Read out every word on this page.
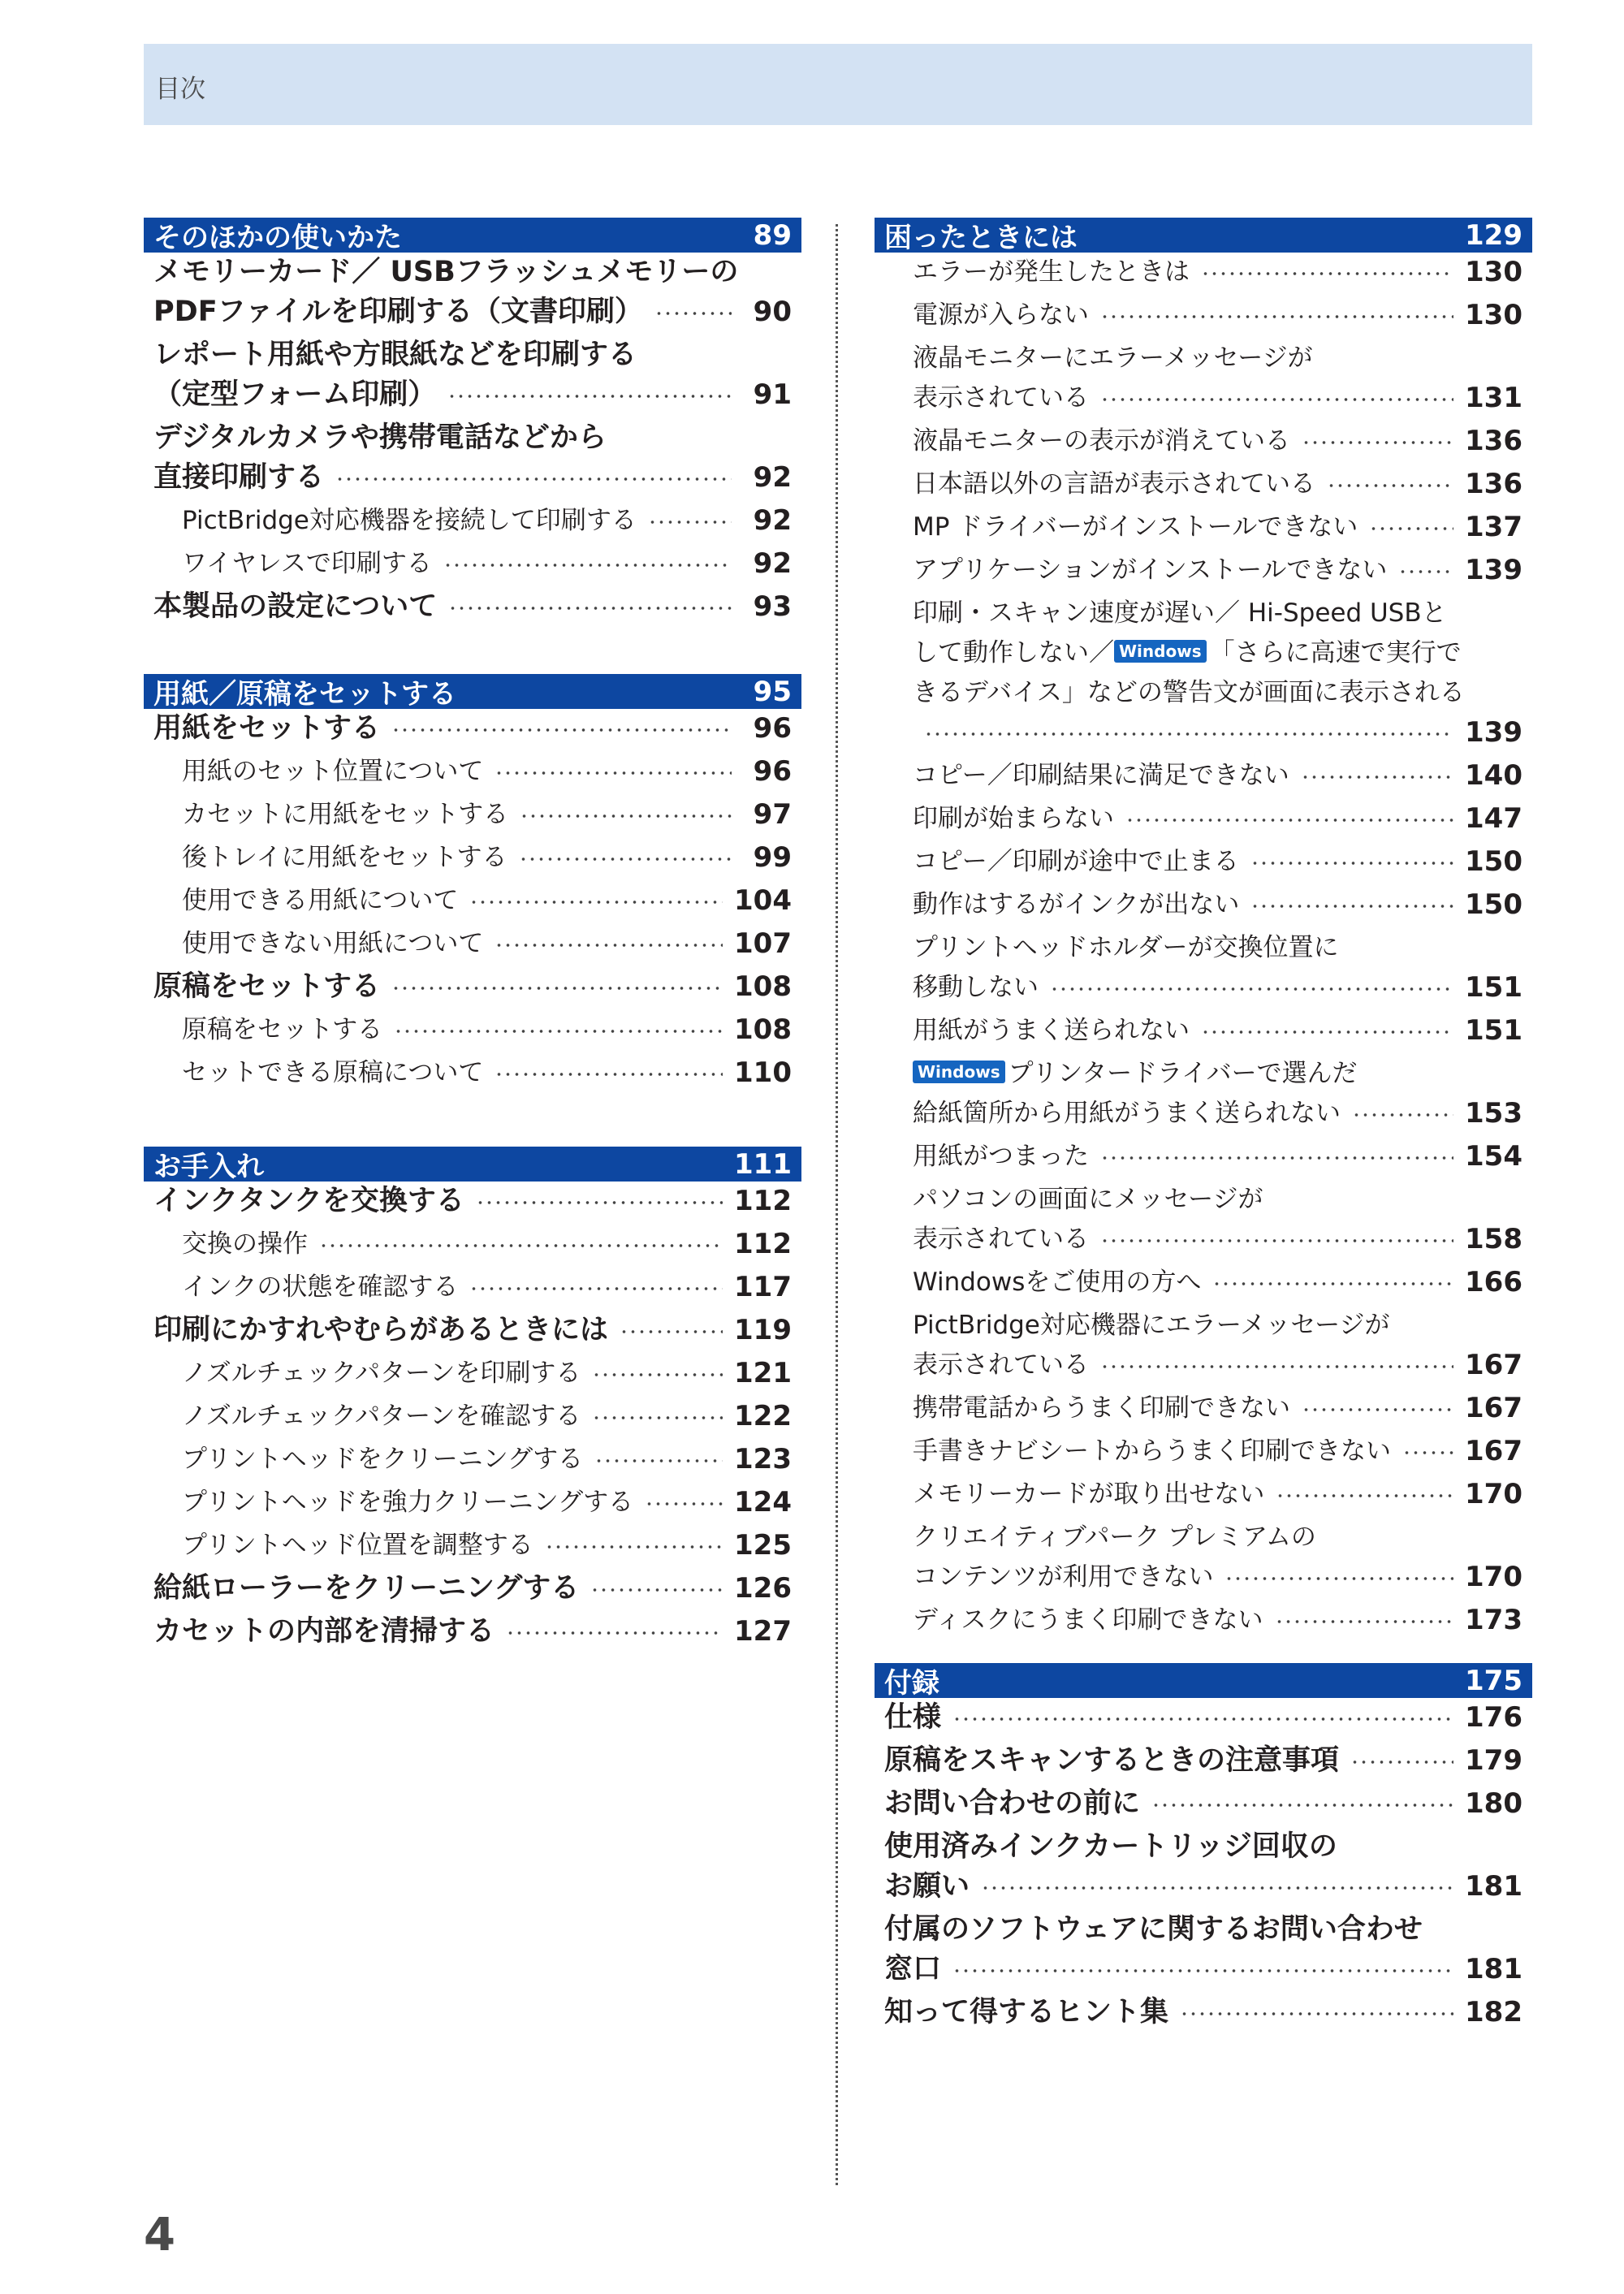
目次
そのほかの使いかた	89
メモリーカード／ USBフラッシュメモリーの
PDFファイルを印刷する（文書印刷）	90
レポート用紙や方眼紙などを印刷する
（定型フォーム印刷）	91
デジタルカメラや携帯電話などから
直接印刷する	92
PictBridge対応機器を接続して印刷する	92
ワイヤレスで印刷する	92
本製品の設定について	93
用紙／原稿をセットする	95
用紙をセットする	96
用紙のセット位置について	96
カセットに用紙をセットする	97
後トレイに用紙をセットする	99
使用できる用紙について	104
使用できない用紙について	107
原稿をセットする	108
原稿をセットする	108
セットできる原稿について	110
お手入れ	111
インクタンクを交換する	112
交換の操作	112
インクの状態を確認する	117
印刷にかすれやむらがあるときには	119
ノズルチェックパターンを印刷する	121
ノズルチェックパターンを確認する	122
プリントヘッドをクリーニングする	123
プリントヘッドを強力クリーニングする	124
プリントヘッド位置を調整する	125
給紙ローラーをクリーニングする	126
カセットの内部を清掃する	127
困ったときには	129
エラーが発生したときは	130
電源が入らない	130
液晶モニターにエラーメッセージが
表示されている	131
液晶モニターの表示が消えている	136
日本語以外の言語が表示されている	136
MP ドライバーがインストールできない	137
アプリケーションがインストールできない	139
印刷・スキャン速度が遅い／ Hi-Speed USBと
して動作しない／ Windows 「さらに高速で実行で
きるデバイス」などの警告文が画面に表示される
139
コピー／印刷結果に満足できない	140
印刷が始まらない	147
コピー／印刷が途中で止まる	150
動作はするがインクが出ない	150
プリントヘッドホルダーが交換位置に
移動しない	151
用紙がうまく送られない	151
Windows プリンタードライバーで選んだ
給紙箇所から用紙がうまく送られない	153
用紙がつまった	154
パソコンの画面にメッセージが
表示されている	158
Windowsをご使用の方へ	166
PictBridge対応機器にエラーメッセージが
表示されている	167
携帯電話からうまく印刷できない	167
手書きナビシートからうまく印刷できない	167
メモリーカードが取り出せない	170
クリエイティブパーク プレミアムの
コンテンツが利用できない	170
ディスクにうまく印刷できない	173
付録	175
仕様	176
原稿をスキャンするときの注意事項	179
お問い合わせの前に	180
使用済みインクカートリッジ回収の
お願い	181
付属のソフトウェアに関するお問い合わせ
窓口	181
知って得するヒント集	182
4
